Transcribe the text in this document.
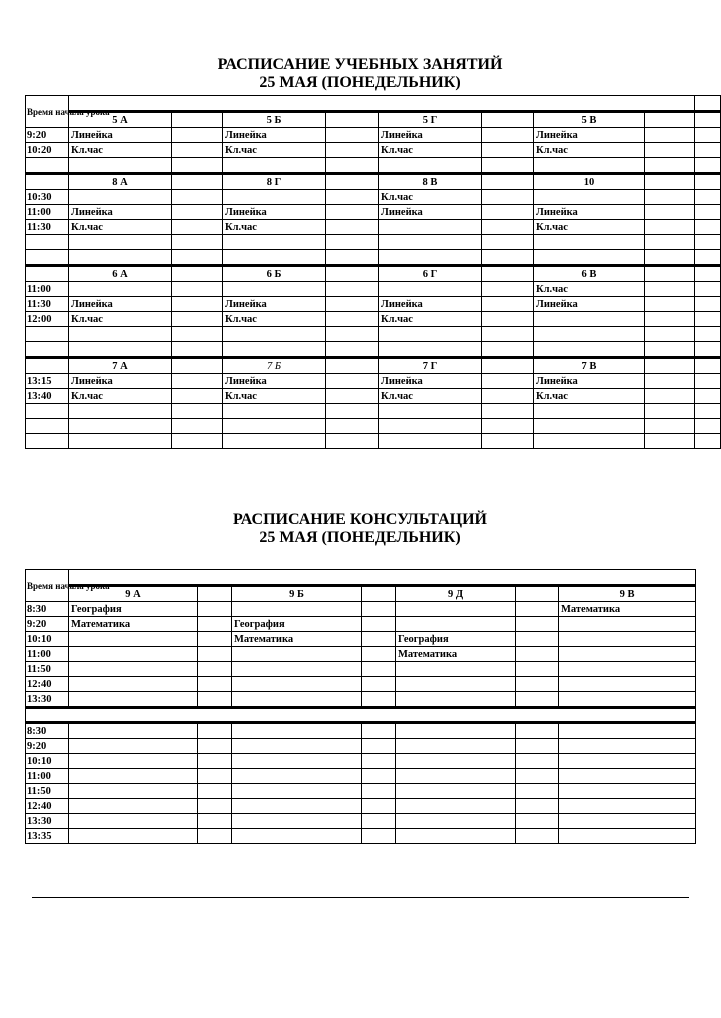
РАСПИСАНИЕ УЧЕБНЫХ ЗАНЯТИЙ
25 МАЯ (ПОНЕДЕЛЬНИК)
Время начала урока									
	5 А		5 Б		5 Г		5 В		
9:20	Линейка		Линейка		Линейка		Линейка		
10:20	Кл.час		Кл.час		Кл.час		Кл.час		

	8 А		8 Г		8 В		10		
10:30					Кл.час				
11:00	Линейка		Линейка		Линейка		Линейка		
11:30	Кл.час		Кл.час				Кл.час		

	6 А		6 Б		6 Г		6 В		
11:00							Кл.час		
11:30	Линейка		Линейка		Линейка		Линейка		
12:00	Кл.час		Кл.час		Кл.час				

	7 А		7 Б		7 Г		7 В		
13:15	Линейка		Линейка		Линейка		Линейка		
13:40	Кл.час		Кл.час		Кл.час		Кл.час		

РАСПИСАНИЕ КОНСУЛЬТАЦИЙ
25 МАЯ (ПОНЕДЕЛЬНИК)
Время начала урока							
	9 А		9 Б		9 Д		9 В
8:30	География						Математика
9:20	Математика		География				
10:10			Математика		География		
11:00					Математика		
11:50							
12:40							
13:30							

8:30							
9:20							
10:10							
11:00							
11:50							
12:40							
13:30							
13:35							
